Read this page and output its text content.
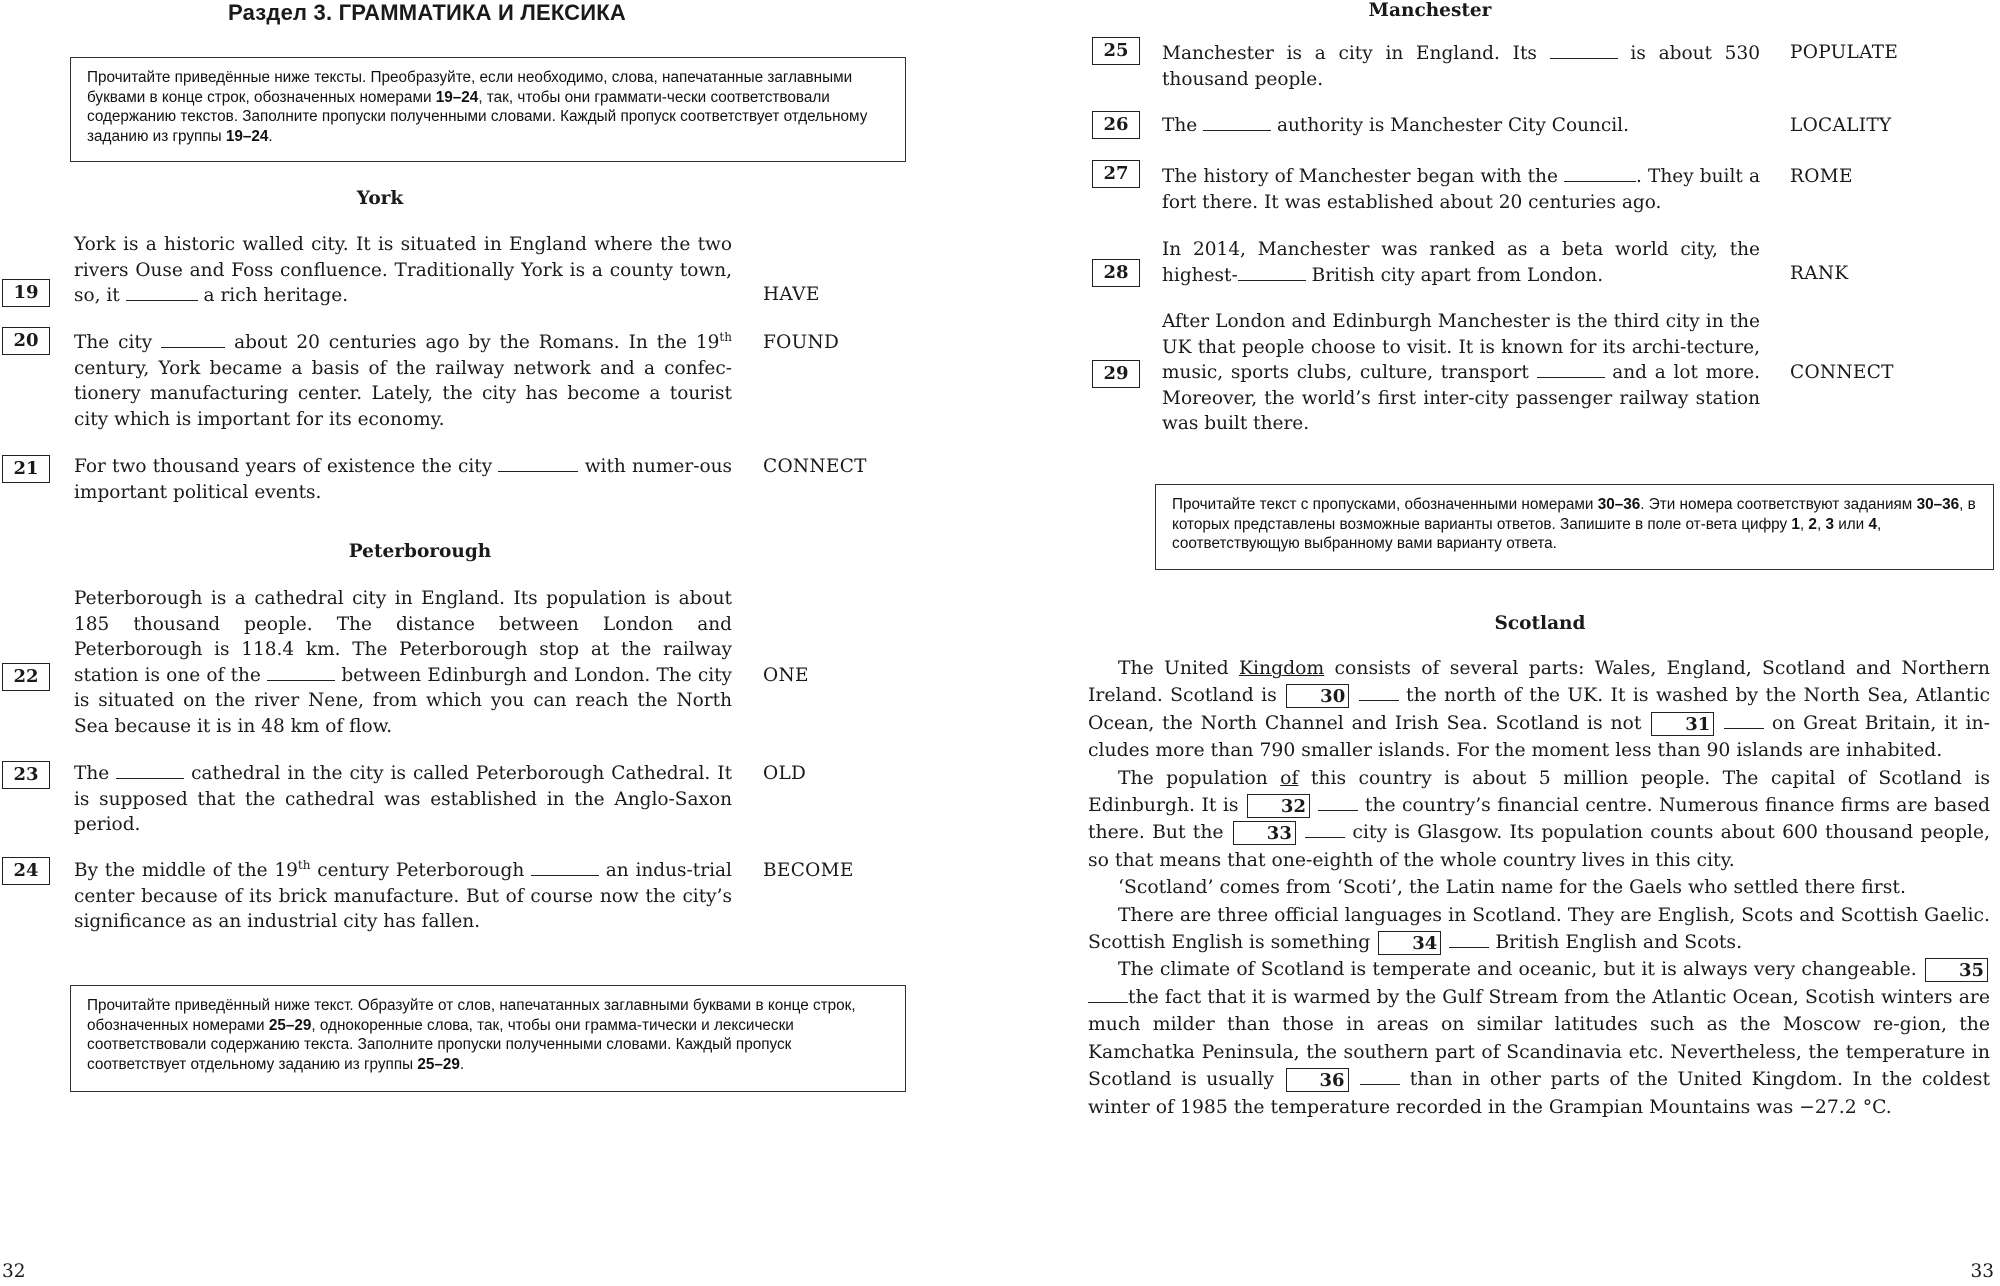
Раздел 3. ГРАММАТИКА И ЛЕКСИКА
Прочитайте приведённые ниже тексты. Преобразуйте, если необходимо, слова, напечатанные заглавными буквами в конце строк, обозначенных номерами 19–24, так, чтобы они граммати-чески соответствовали содержанию текстов. Заполните пропуски полученными словами. Каждый пропуск соответствует отдельному заданию из группы 19–24.
York
York is a historic walled city. It is situated in England where the two rivers Ouse and Foss confluence. Traditionally York is a county town, so, it	a rich heritage.
19	HAVE
The city	about 20 centuries ago by the Romans. In the 19th century, York became a basis of the railway network and a confec-tionery manufacturing center. Lately, the city has become a tourist city which is important for its economy.
20	FOUND
For two thousand years of existence the city	with numer-ous important political events.
21	CONNECT
Peterborough
Peterborough is a cathedral city in England. Its population is about 185 thousand people. The distance between London and Peterborough is 118.4 km. The Peterborough stop at the railway station is one of the	between Edinburgh and London. The city is situated on the river Nene, from which you can reach the North Sea because it is in 48 km of flow.
22	ONE
The	cathedral in the city is called Peterborough Cathedral. It is supposed that the cathedral was established in the Anglo-Saxon period.
23	OLD
By the middle of the 19th century Peterborough	an indus-trial center because of its brick manufacture. But of course now the city’s significance as an industrial city has fallen.
24	BECOME
Прочитайте приведённый ниже текст. Образуйте от слов, напечатанных заглавными буквами в конце строк, обозначенных номерами 25–29, однокоренные слова, так, чтобы они грамма-тически и лексически соответствовали содержанию текста. Заполните пропуски полученными словами. Каждый пропуск соответствует отдельному заданию из группы 25–29.
32
Manchester
Manchester is a city in England. Its	is about 530 thousand people.
25	POPULATE
The	authority is Manchester City Council.
26	LOCALITY
The history of Manchester began with the	. They built a fort there. It was established about 20 centuries ago.
27	ROME
In 2014, Manchester was ranked as a beta world city, the highest-	British city apart from London.
28	RANK
After London and Edinburgh Manchester is the third city in the UK that people choose to visit. It is known for its archi-tecture, music, sports clubs, culture, transport	and a lot more. Moreover, the world’s first inter-city passenger railway station was built there.
29	CONNECT
Прочитайте текст с пропусками, обозначенными номерами 30–36. Эти номера соответствуют заданиям 30–36, в которых представлены возможные варианты ответов. Запишите в поле от-вета цифру 1, 2, 3 или 4, соответствующую выбранному вами варианту ответа.
Scotland

The United Kingdom consists of several parts: Wales, England, Scotland and Northern Ireland. Scotland is 30	the north of the UK. It is washed by the North Sea, Atlantic Ocean, the North Channel and Irish Sea. Scotland is not 31	on Great Britain, it in-cludes more than 790 smaller islands. For the moment less than 90 islands are inhabited.

The population of this country is about 5 million people. The capital of Scotland is Edinburgh. It is 32	the country’s financial centre. Numerous finance firms are based there. But the 33	city is Glasgow. Its population counts about 600 thousand people, so that means that one-eighth of the whole country lives in this city.

‘Scotland’ comes from ‘Scoti’, the Latin name for the Gaels who settled there first.

There are three official languages in Scotland. They are English, Scots and Scottish Gaelic. Scottish English is something 34	British English and Scots.

The climate of Scotland is temperate and oceanic, but it is always very changeable. 35 the fact that it is warmed by the Gulf Stream from the Atlantic Ocean, Scotish winters are much milder than those in areas on similar latitudes such as the Moscow re-gion, the Kamchatka Peninsula, the southern part of Scandinavia etc. Nevertheless, the temperature in Scotland is usually	36	than in other parts of the United Kingdom. In the coldest winter of 1985 the temperature recorded in the Grampian Mountains was −27.2 °C.

33
